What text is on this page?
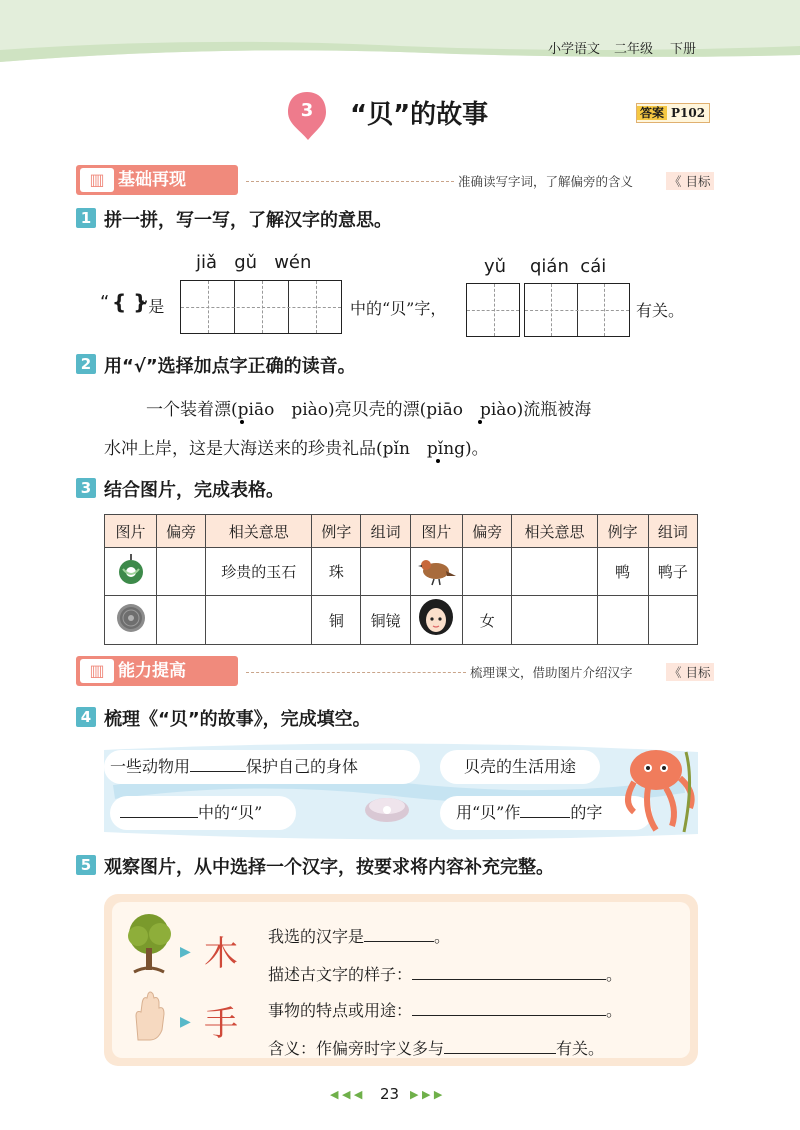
小学语文 二年级 下册
3	“贝”的故事	答案 P102
▥ 基础再现	准确读写字词，了解偏旁的含义	《 目标
1 拼一拼，写一写，了解汉字的意思。
jiǎ   gǔ   wén	yǔ qián  cái
“ { }
”是	中的“贝”字，	有关。
2 用“√”选择加点字正确的读音。
一个装着漂(piāo　piào)亮贝壳的漂(piāo　piào)流瓶被海
水冲上岸，这是大海送来的珍贵礼品(pǐn　pǐng)。
3 结合图片，完成表格。
图片	偏旁	相关意思	例字	组词	图片	偏旁	相关意思	例字	组词
		珍贵的玉石	珠					鸭	鸭子
			铜	铜镜		女			
▥ 能力提高	梳理课文，借助图片介绍汉字	《 目标
4 梳理《“贝”的故事》，完成填空。
一些动物用	保护自己的身体	贝壳的生活用途
中的“贝”	用“贝”作	的字
5 观察图片，从中选择一个汉字，按要求将内容补充完整。
▶ 木
▶ 手
我选的汉字是	。
描述古文字的样子：	。
事物的特点或用途：	。
含义：作偏旁时字义多与	有关。
◀ ◀ ◀ 23 ▶ ▶ ▶
